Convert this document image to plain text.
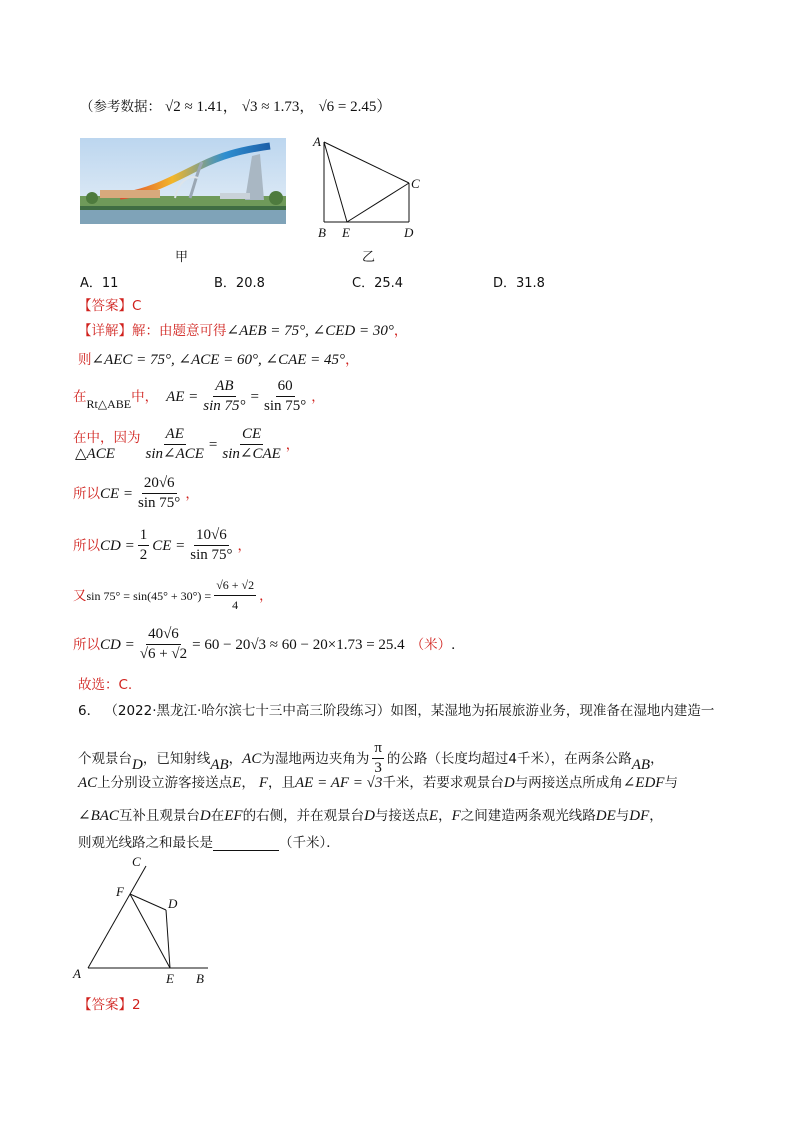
（参考数据： √2 ≈ 1.41， √3 ≈ 1.73， √6 = 2.45）
甲
A
B
C
D
E
乙
A．11	B．20.8	C．25.4	D．31.8
【答案】C
【详解】 解：由题意可得 ∠AEB = 75°, ∠CED = 30° ，
则 ∠AEC = 75°, ∠ACE = 60°, ∠CAE = 45° ，
在 Rt△ABE 中， AE = $\frac{AB}{\sin 75^\circ} = \frac{60}{\sin 75^\circ}$ ，
在 中，因为 $\frac{AE}{\text{sin∠ACE}} = \frac{CE}{\text{sin∠CAE}}$ ，
△ACE
所以 CE = $\frac{20√6}{\sin 75^\circ}$ ，
所以 CD = $\frac{1}{2}$ CE = $\frac{10√6}{\sin 75^\circ}$ ，
又 $\sin 75^\circ = \sin(45^\circ + 30^\circ) = \frac{√6 + √2}{4}$ ，
所以 CD = $\frac{40√6}{√6 + √2} = 60 - 20√3 \approx 60 - 20\times 1.73 = 25.4$ （米） ．
故选：C.
6． （2022·黑龙江·哈尔滨七十三中高三阶段练习）如图，某湿地为拓展旅游业务，现准备在湿地内建造一
个观景台 D ，已知射线 AB ， AC 为湿地两边夹角为 $\frac{\pi}{3}$ 的公路（长度均超过4千米），在两条公路 AB ，
AC 上分别设立游客接送点 E ， F ，且 AE = AF = √3 千米，若要求观景台 D 与两接送点所成角 ∠EDF 与
∠BAC 互补且观景台 D 在 EF 的右侧，并在观景台 D 与接送点 E ， F 之间建造两条观光线路 DE 与 DF ，
则观光线路之和最长是	（千米）．
A	B
C
D
E
F
【答案】2
